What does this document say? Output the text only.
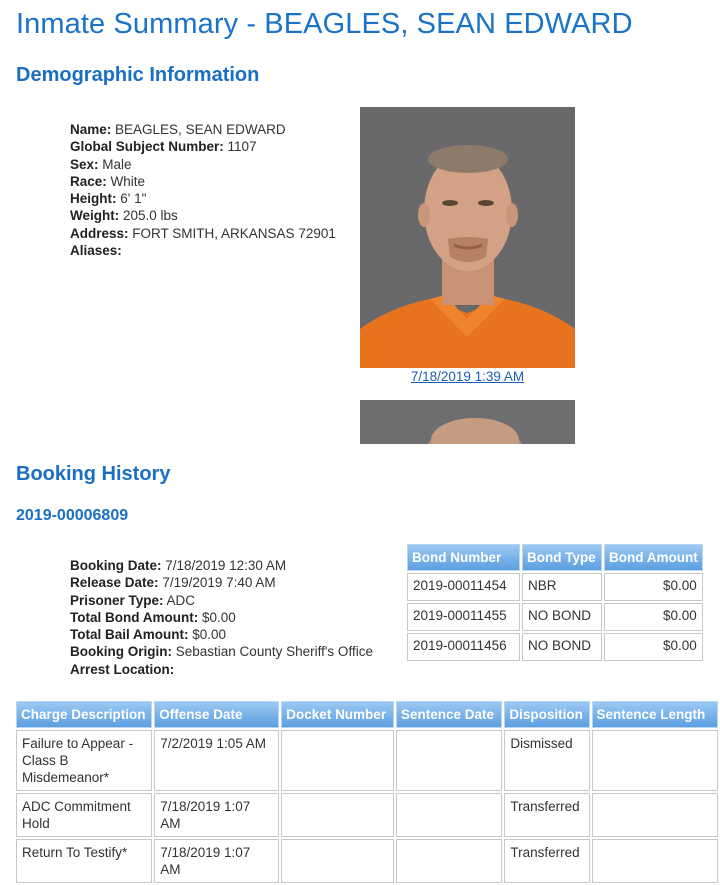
Inmate Summary - BEAGLES, SEAN EDWARD
Demographic Information
Name: BEAGLES, SEAN EDWARD
Global Subject Number: 1107
Sex: Male
Race: White
Height: 6' 1"
Weight: 205.0 lbs
Address: FORT SMITH, ARKANSAS 72901
Aliases:
7/18/2019 1:39 AM
Booking History
2019-00006809
Booking Date: 7/18/2019 12:30 AM
Release Date: 7/19/2019 7:40 AM
Prisoner Type: ADC
Total Bond Amount: $0.00
Total Bail Amount: $0.00
Booking Origin: Sebastian County Sheriff's Office
Arrest Location:
Bond Number	Bond Type	Bond Amount
2019-00011454	NBR	$0.00
2019-00011455	NO BOND	$0.00
2019-00011456	NO BOND	$0.00
Charge Description	Offense Date	Docket Number	Sentence Date	Disposition	Sentence Length
Failure to Appear - Class B Misdemeanor*	7/2/2019 1:05 AM			Dismissed	
ADC Commitment Hold	7/18/2019 1:07 AM			Transferred	
Return To Testify*	7/18/2019 1:07 AM			Transferred	
